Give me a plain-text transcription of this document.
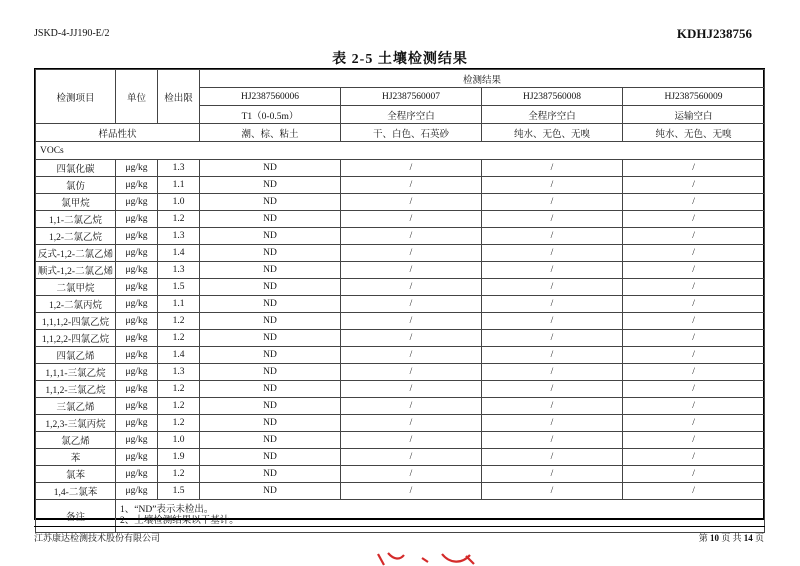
JSKD-4-JJ190-E/2	KDHJ238756
表 2-5 土壤检测结果
检测项目	单位	检出限	检测结果			
			HJ2387560006	HJ2387560007	HJ2387560008	HJ2387560009
			T1（0-0.5m）	全程序空白	全程序空白	运输空白
样品性状			潮、棕、粘土	干、白色、石英砂	纯水、无色、无嗅	纯水、无色、无嗅
VOCs						
四氯化碳	μg/kg	1.3	ND	/	/	/
氯仿	μg/kg	1.1	ND	/	/	/
氯甲烷	μg/kg	1.0	ND	/	/	/
1,1-二氯乙烷	μg/kg	1.2	ND	/	/	/
1,2-二氯乙烷	μg/kg	1.3	ND	/	/	/
反式-1,2-二氯乙烯	μg/kg	1.4	ND	/	/	/
顺式-1,2-二氯乙烯	μg/kg	1.3	ND	/	/	/
二氯甲烷	μg/kg	1.5	ND	/	/	/
1,2-二氯丙烷	μg/kg	1.1	ND	/	/	/
1,1,1,2-四氯乙烷	μg/kg	1.2	ND	/	/	/
1,1,2,2-四氯乙烷	μg/kg	1.2	ND	/	/	/
四氯乙烯	μg/kg	1.4	ND	/	/	/
1,1,1-三氯乙烷	μg/kg	1.3	ND	/	/	/
1,1,2-三氯乙烷	μg/kg	1.2	ND	/	/	/
三氯乙烯	μg/kg	1.2	ND	/	/	/
1,2,3-三氯丙烷	μg/kg	1.2	ND	/	/	/
氯乙烯	μg/kg	1.0	ND	/	/	/
苯	μg/kg	1.9	ND	/	/	/
氯苯	μg/kg	1.2	ND	/	/	/
1,4-二氯苯	μg/kg	1.5	ND	/	/	/
备注	1、“ND”表示未检出。
2、土壤检测结果以干基计。					
江苏康达检测技术股份有限公司	第 10 页 共 14 页
